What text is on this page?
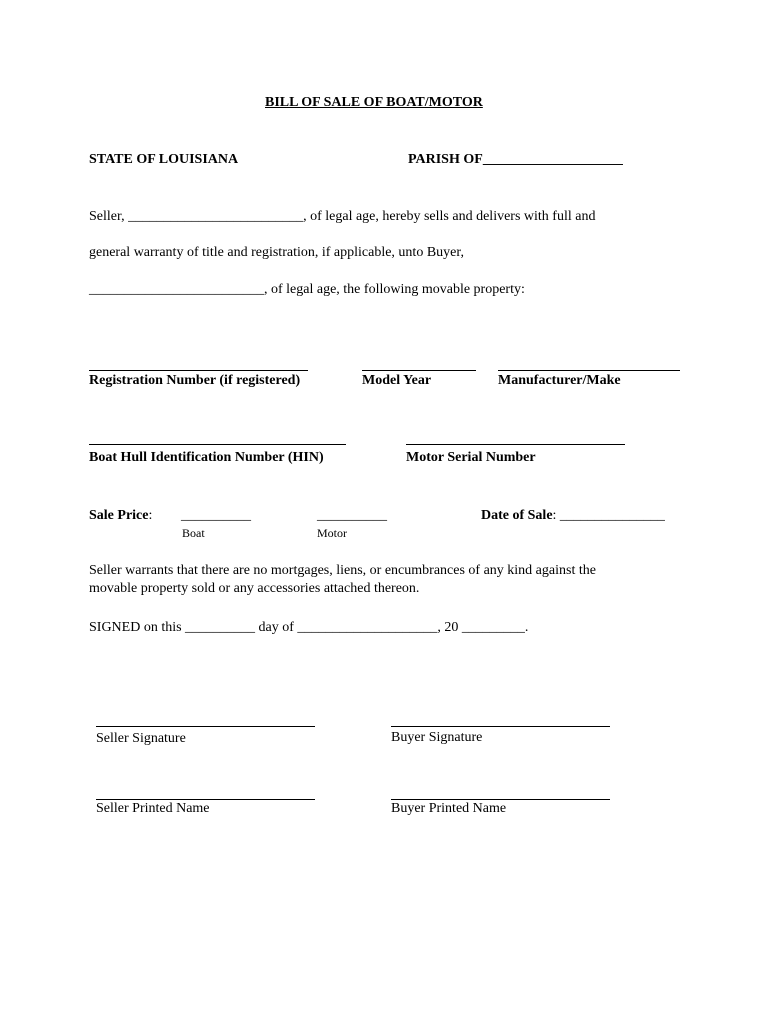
BILL OF SALE OF BOAT/MOTOR
STATE OF LOUISIANA	PARISH OF____________________
Seller, _________________________, of legal age, hereby sells and delivers with full and
general warranty of title and registration, if applicable, unto Buyer,
_________________________, of legal age, the following movable property:
Registration Number (if registered)	Model Year	Manufacturer/Make
Boat Hull Identification Number (HIN)	Motor Serial Number
Sale Price: __________	__________
Boat	Motor
Date of Sale: _______________
Seller warrants that there are no mortgages, liens, or encumbrances of any kind against the
movable property sold or any accessories attached thereon.
SIGNED on this __________ day of ____________________, 20 _________.
Seller Signature	Buyer Signature
Seller Printed Name	Buyer Printed Name
